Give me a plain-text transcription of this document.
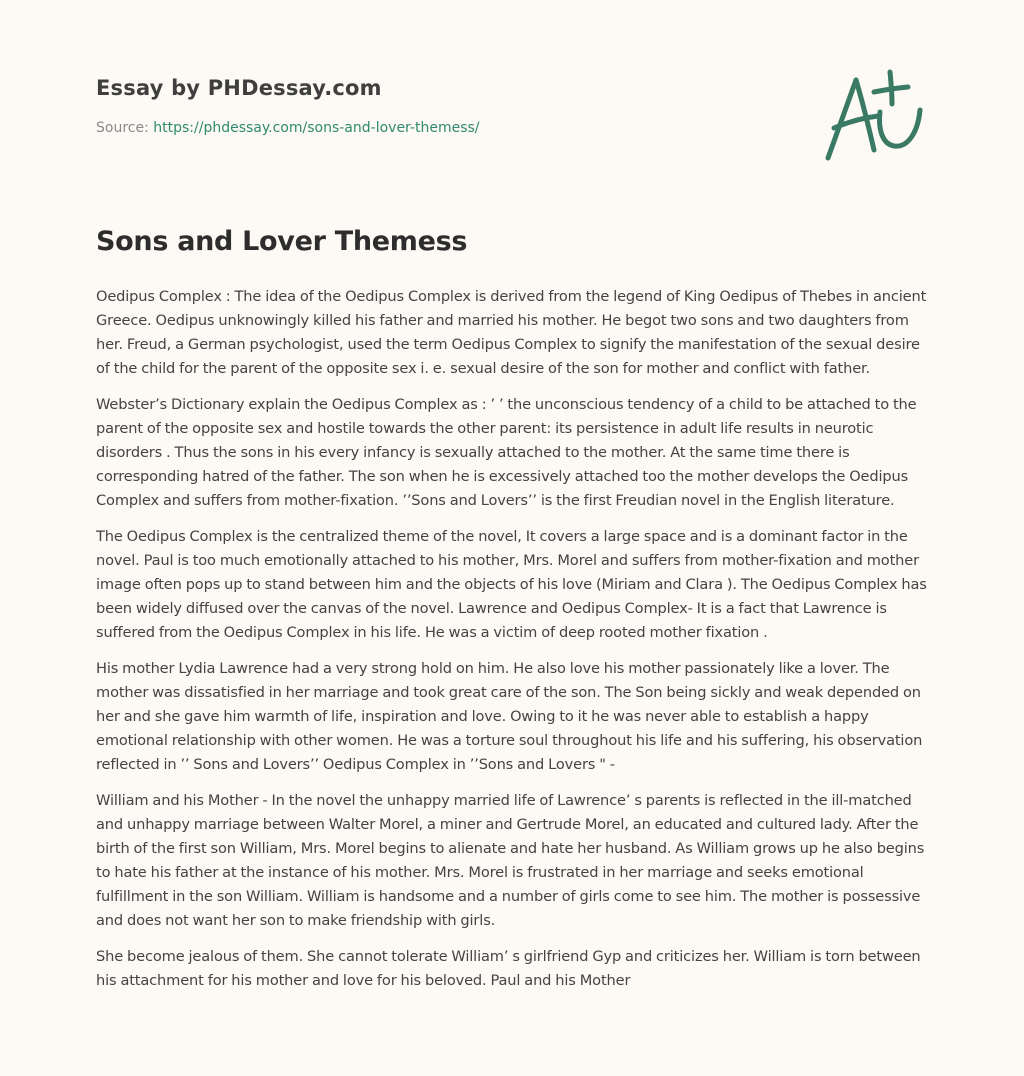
Essay by PHDessay.com
Source: https://phdessay.com/sons-and-lover-themess/
Sons and Lover Themess

Oedipus Complex : The idea of the Oedipus Complex is derived from the legend of King Oedipus of Thebes in ancient Greece. Oedipus unknowingly killed his father and married his mother. He begot two sons and two daughters from her. Freud, a German psychologist, used the term Oedipus Complex to signify the manifestation of the sexual desire of the child for the parent of the opposite sex i. e. sexual desire of the son for mother and conflict with father.

Webster’s Dictionary explain the Oedipus Complex as : ’ ’ the unconscious tendency of a child to be attached to the parent of the opposite sex and hostile towards the other parent: its persistence in adult life results in neurotic disorders . Thus the sons in his every infancy is sexually attached to the mother. At the same time there is corresponding hatred of the father. The son when he is excessively attached too the mother develops the Oedipus Complex and suffers from mother-fixation. ’’Sons and Lovers’’ is the first Freudian novel in the English literature.

The Oedipus Complex is the centralized theme of the novel, It covers a large space and is a dominant factor in the novel. Paul is too much emotionally attached to his mother, Mrs. Morel and suffers from mother-fixation and mother image often pops up to stand between him and the objects of his love (Miriam and Clara ). The Oedipus Complex has been widely diffused over the canvas of the novel. Lawrence and Oedipus Complex- It is a fact that Lawrence is suffered from the Oedipus Complex in his life. He was a victim of deep rooted mother fixation .

His mother Lydia Lawrence had a very strong hold on him. He also love his mother passionately like a lover. The mother was dissatisfied in her marriage and took great care of the son. The Son being sickly and weak depended on her and she gave him warmth of life, inspiration and love. Owing to it he was never able to establish a happy emotional relationship with other women. He was a torture soul throughout his life and his suffering, his observation reflected in ’’ Sons and Lovers’’ Oedipus Complex in ’’Sons and Lovers " -

William and his Mother - In the novel the unhappy married life of Lawrence’ s parents is reflected in the ill-matched and unhappy marriage between Walter Morel, a miner and Gertrude Morel, an educated and cultured lady. After the birth of the first son William, Mrs. Morel begins to alienate and hate her husband. As William grows up he also begins to hate his father at the instance of his mother. Mrs. Morel is frustrated in her marriage and seeks emotional fulfillment in the son William. William is handsome and a number of girls come to see him. The mother is possessive and does not want her son to make friendship with girls.

She become jealous of them. She cannot tolerate William’ s girlfriend Gyp and criticizes her. William is torn between his attachment for his mother and love for his beloved. Paul and his Mother
